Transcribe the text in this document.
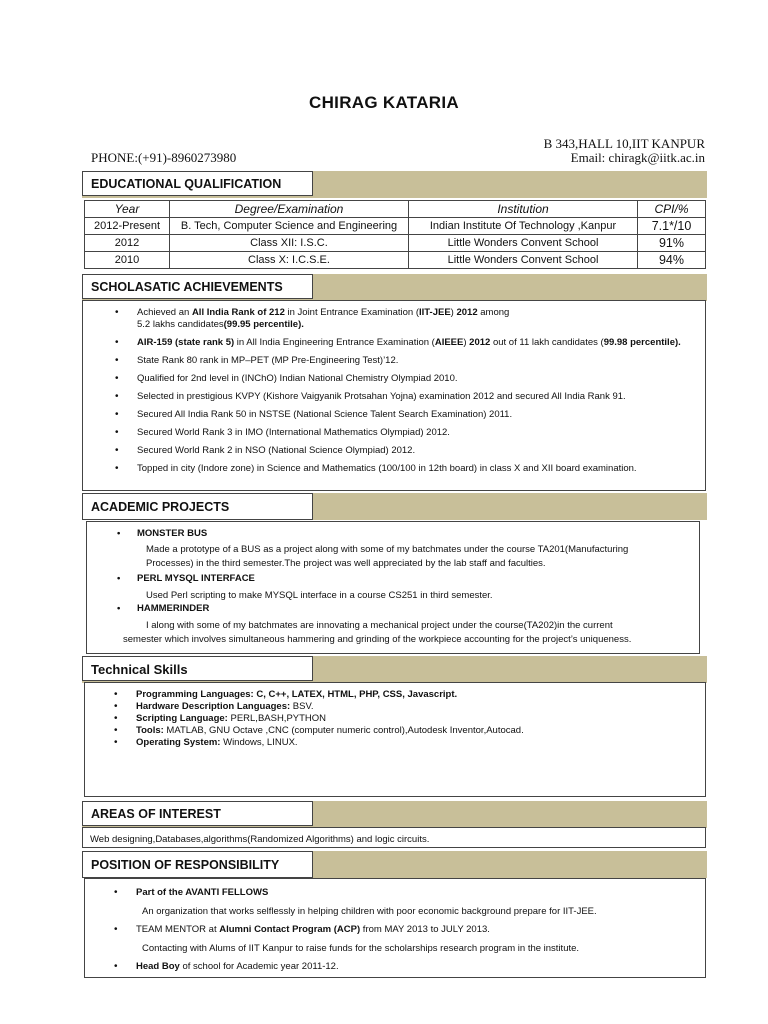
CHIRAG KATARIA
B 343,HALL 10,IIT KANPUR
Email: chiragk@iitk.ac.in
PHONE:(+91)-8960273980
EDUCATIONAL QUALIFICATION
Year	Degree/Examination	Institution	CPI/%
2012-Present	B. Tech, Computer Science and Engineering	Indian Institute Of Technology ,Kanpur	7.1*/10
2012	Class XII: I.S.C.	Little Wonders Convent School	91%
2010	Class X: I.C.S.E.	Little Wonders Convent School	94%
SCHOLASATIC ACHIEVEMENTS
• Achieved an All India Rank of 212 in Joint Entrance Examination (IIT-JEE) 2012 among
5.2 lakhs candidates(99.95 percentile).
• AIR-159 (state rank 5) in All India Engineering Entrance Examination (AIEEE) 2012 out of 11 lakh candidates (99.98 percentile).
• State Rank 80 rank in MP–PET (MP Pre-Engineering Test)’12.
• Qualified for 2nd level in (INChO) Indian National Chemistry Olympiad 2010.
• Selected in prestigious KVPY (Kishore Vaigyanik Protsahan Yojna) examination 2012 and secured All India Rank 91.
• Secured All India Rank 50 in NSTSE (National Science Talent Search Examination) 2011.
• Secured World Rank 3 in IMO (International Mathematics Olympiad) 2012.
• Secured World Rank 2 in NSO (National Science Olympiad) 2012.
• Topped in city (Indore zone) in Science and Mathematics (100/100 in 12th board) in class X and XII board examination.
ACADEMIC PROJECTS
• MONSTER BUS
Made a prototype of a BUS as a project along with some of my batchmates under the course TA201(Manufacturing
Processes) in the third semester.The project was well appreciated by the lab staff and faculties.
• PERL MYSQL INTERFACE
Used Perl scripting to make MYSQL interface in a course CS251 in third semester.
• HAMMERINDER
I along with some of my batchmates are innovating a mechanical project under the course(TA202)in the current
semester which involves simultaneous hammering and grinding of the workpiece accounting for the project’s uniqueness.
Technical Skills
• Programming Languages: C, C++, LATEX, HTML, PHP, CSS, Javascript.
• Hardware Description Languages: BSV.
• Scripting Language: PERL,BASH,PYTHON
• Tools: MATLAB, GNU Octave ,CNC (computer numeric control),Autodesk Inventor,Autocad.
• Operating System: Windows, LINUX.
AREAS OF INTEREST
Web designing,Databases,algorithms(Randomized Algorithms) and logic circuits.
POSITION OF RESPONSIBILITY
• Part of the AVANTI FELLOWS
An organization that works selflessly in helping children with poor economic background prepare for IIT-JEE.
• TEAM MENTOR at Alumni Contact Program (ACP) from MAY 2013 to JULY 2013.
Contacting with Alums of IIT Kanpur to raise funds for the scholarships research program in the institute.
• Head Boy of school for Academic year 2011-12.
